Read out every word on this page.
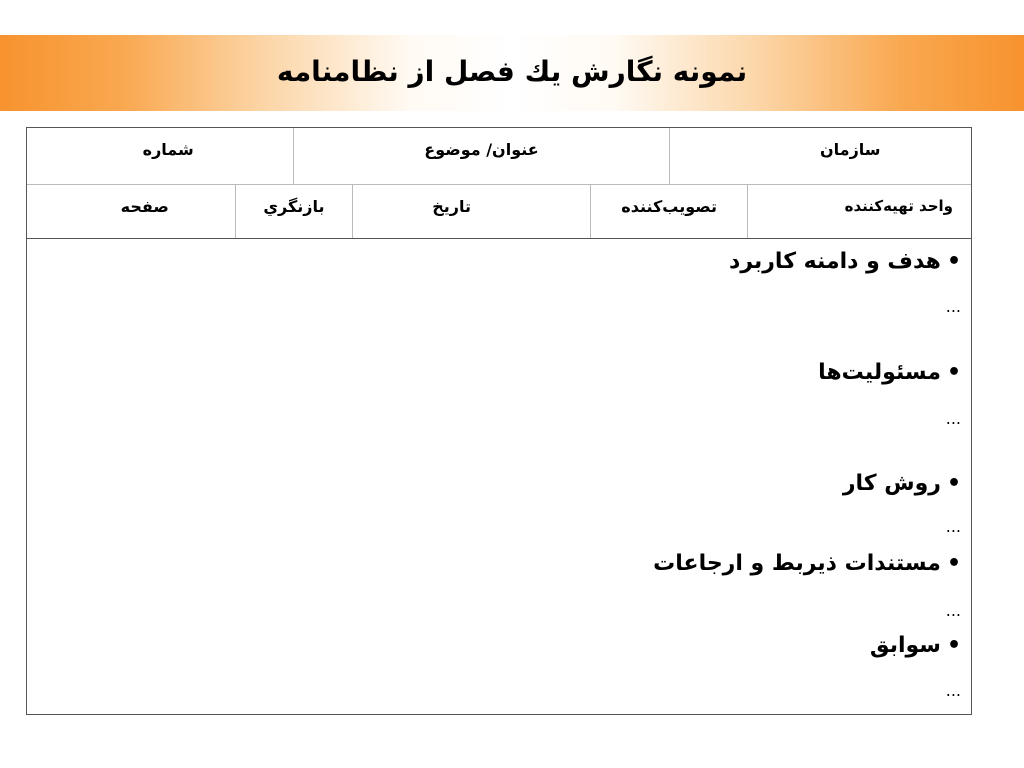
نمونه نگارش يك فصل از نظامنامه
سازمان
عنوان/ موضوع
شماره
واحد تهيه‌كننده
تصويب‌كننده
تاريخ
بازنگري
صفحه
•هدف و دامنه كاربرد
...
•مسئوليت‌ها
...
•روش كار
...
•مستندات ذيربط و ارجاعات
...
•سوابق
...
